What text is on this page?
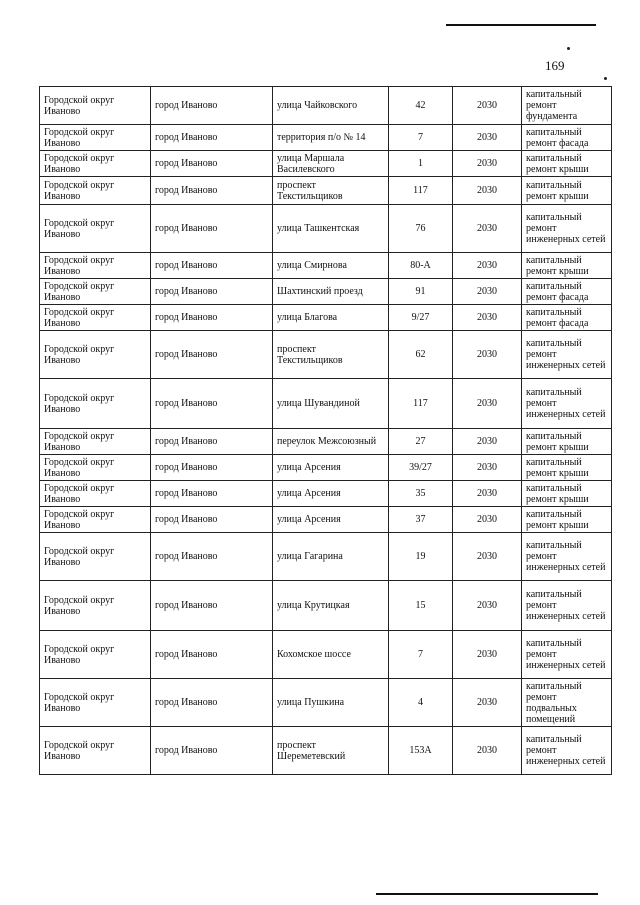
169
Городской округ Иваново	город Иваново	улица Чайковского	42	2030	капитальный ремонт фундамента
Городской округ Иваново	город Иваново	территория п/о № 14	7	2030	капитальный ремонт фасада
Городской округ Иваново	город Иваново	улица Маршала Василевского	1	2030	капитальный ремонт крыши
Городской округ Иваново	город Иваново	проспект Текстильщиков	117	2030	капитальный ремонт крыши
Городской округ Иваново	город Иваново	улица Ташкентская	76	2030	капитальный ремонт инженерных сетей
Городской округ Иваново	город Иваново	улица Смирнова	80-А	2030	капитальный ремонт крыши
Городской округ Иваново	город Иваново	Шахтинский проезд	91	2030	капитальный ремонт фасада
Городской округ Иваново	город Иваново	улица Благова	9/27	2030	капитальный ремонт фасада
Городской округ Иваново	город Иваново	проспект Текстильщиков	62	2030	капитальный ремонт инженерных сетей
Городской округ Иваново	город Иваново	улица Шувандиной	117	2030	капитальный ремонт инженерных сетей
Городской округ Иваново	город Иваново	переулок Межсоюзный	27	2030	капитальный ремонт крыши
Городской округ Иваново	город Иваново	улица Арсения	39/27	2030	капитальный ремонт крыши
Городской округ Иваново	город Иваново	улица Арсения	35	2030	капитальный ремонт крыши
Городской округ Иваново	город Иваново	улица Арсения	37	2030	капитальный ремонт крыши
Городской округ Иваново	город Иваново	улица Гагарина	19	2030	капитальный ремонт инженерных сетей
Городской округ Иваново	город Иваново	улица Крутицкая	15	2030	капитальный ремонт инженерных сетей
Городской округ Иваново	город Иваново	Кохомское шоссе	7	2030	капитальный ремонт инженерных сетей
Городской округ Иваново	город Иваново	улица Пушкина	4	2030	капитальный ремонт подвальных помещений
Городской округ Иваново	город Иваново	проспект Шереметевский	153А	2030	капитальный ремонт инженерных сетей
